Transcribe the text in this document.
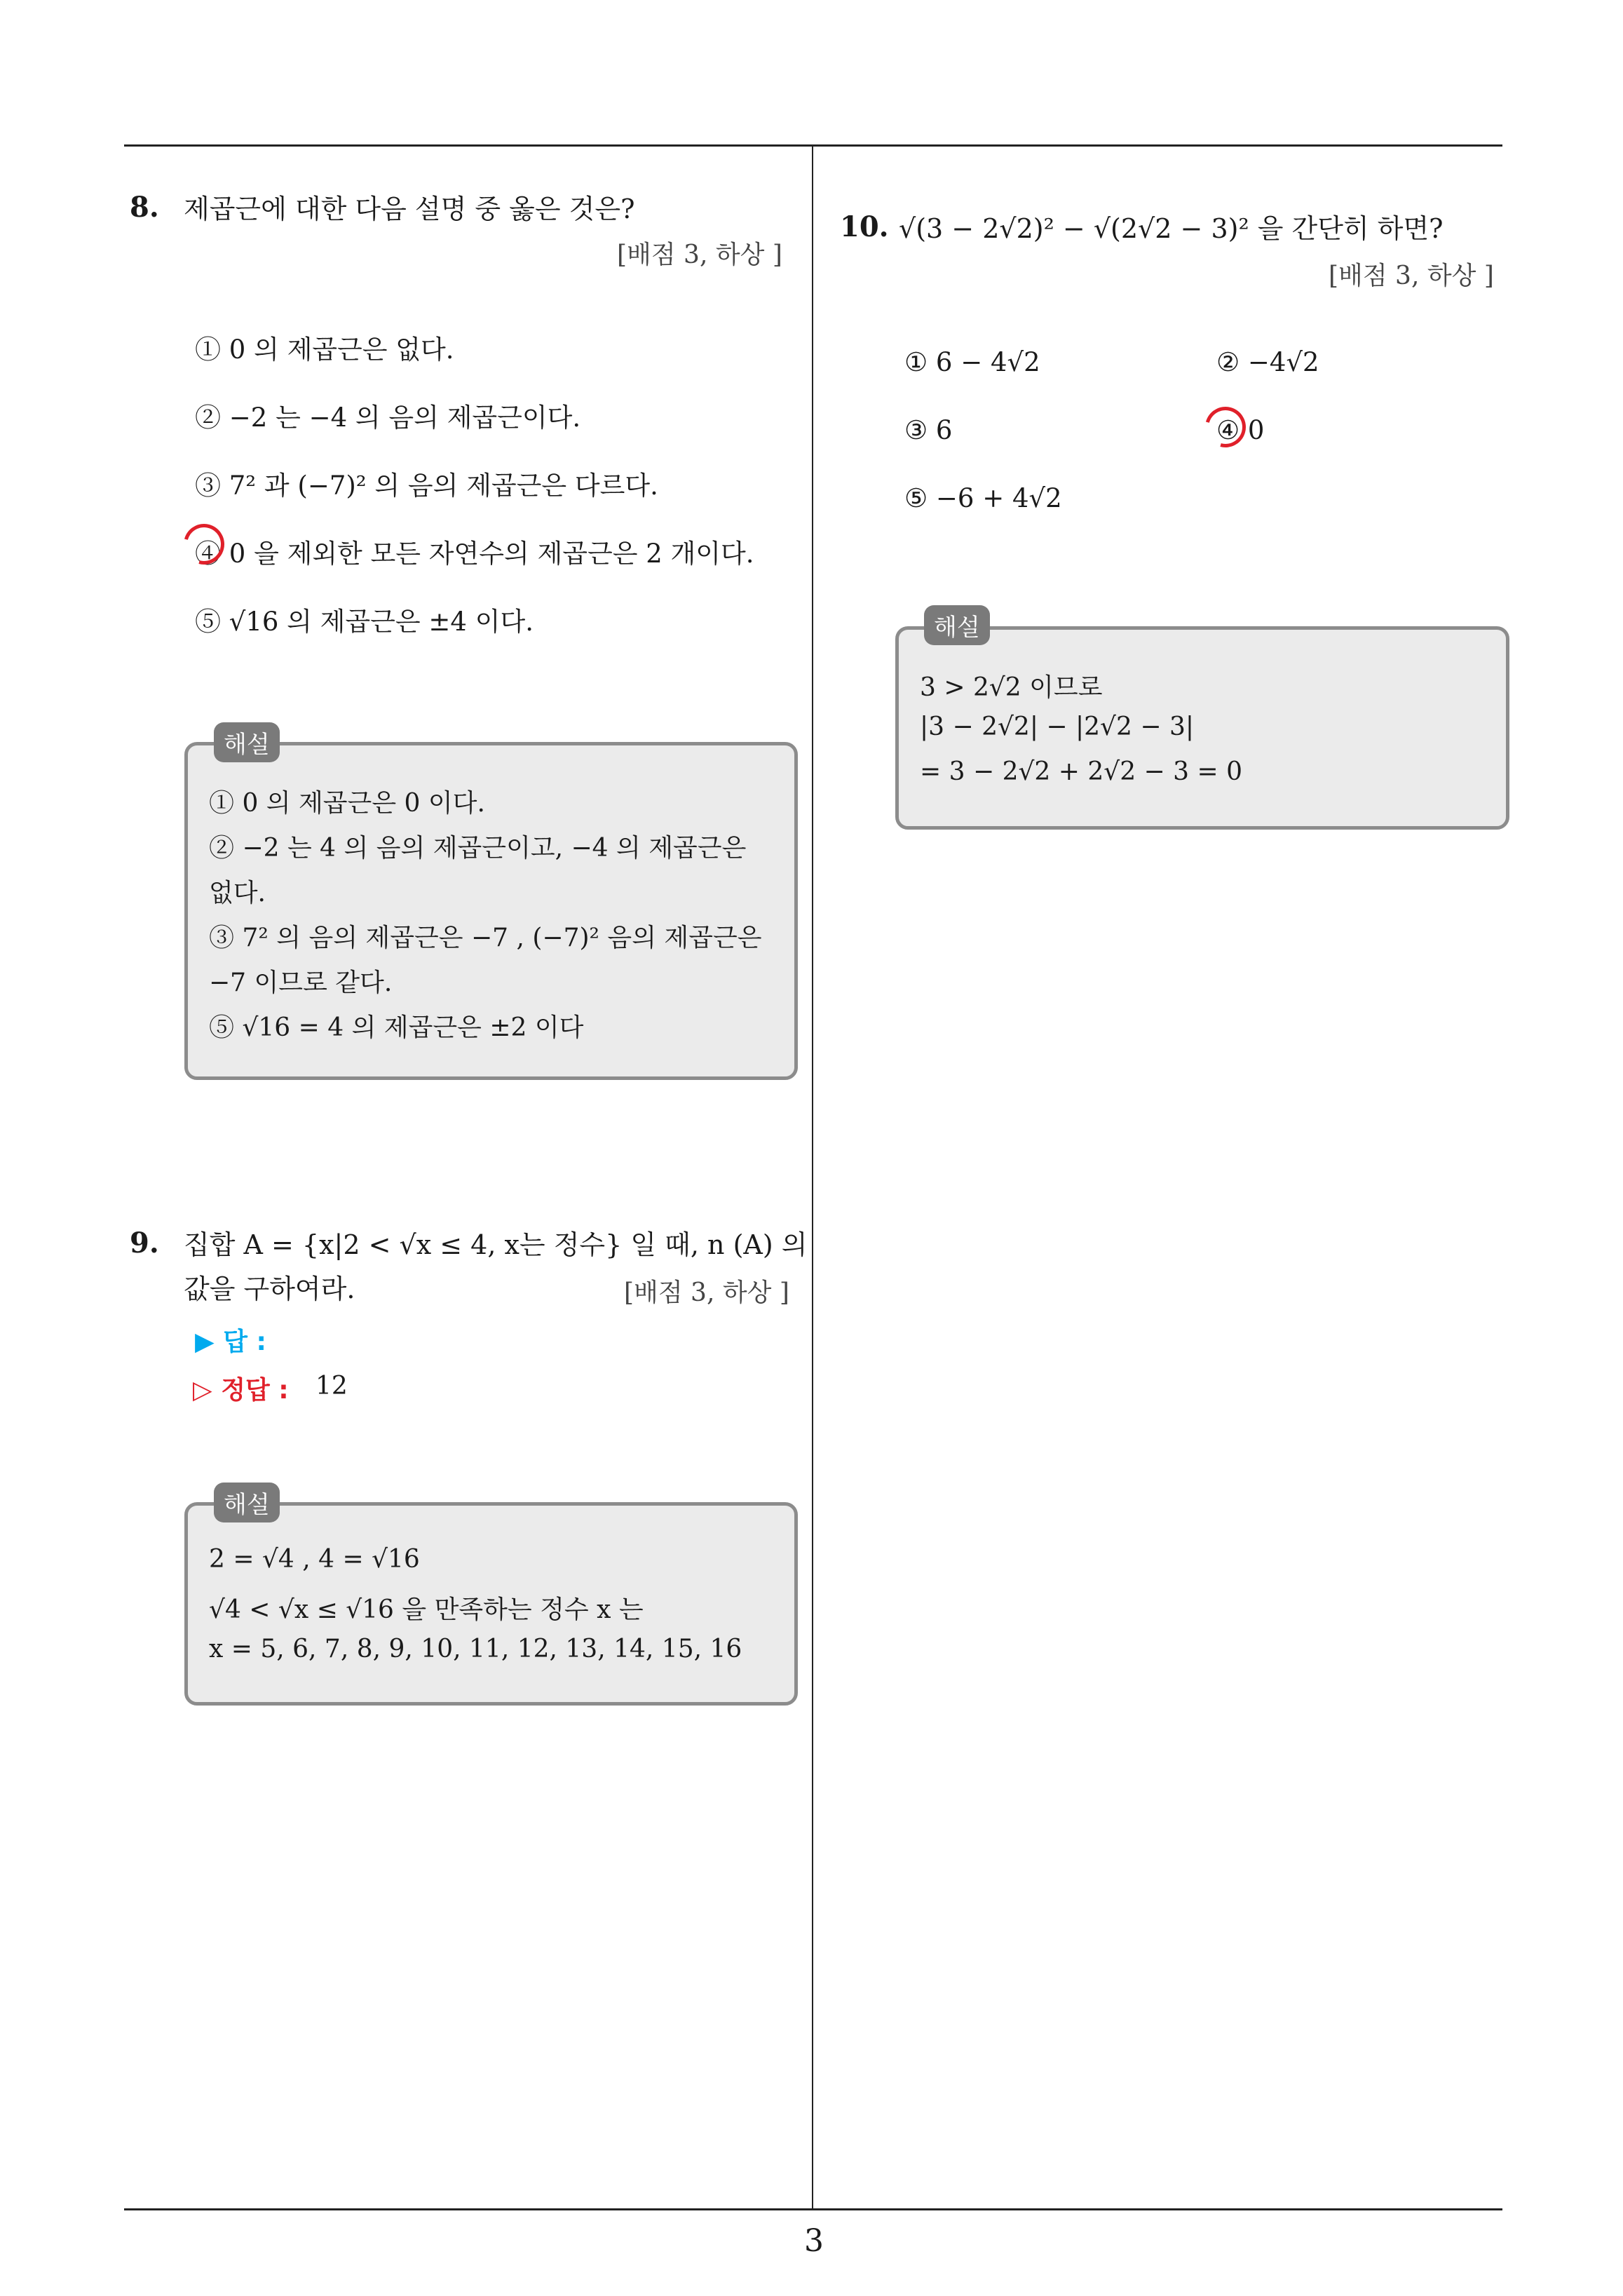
8. 제곱근에 대한 다음 설명 중 옳은 것은?
[배점 3, 하상 ]
① 0 의 제곱근은 없다.
② −2 는 −4 의 음의 제곱근이다.
③ 7² 과 (−7)² 의 음의 제곱근은 다르다.
④ 0 을 제외한 모든 자연수의 제곱근은 2 개이다.
⑤ √16 의 제곱근은 ±4 이다.
① 0 의 제곱근은 0 이다.
② −2 는 4 의 음의 제곱근이고, −4 의 제곱근은
없다.
③ 7² 의 음의 제곱근은 −7 , (−7)² 음의 제곱근은
−7 이므로 같다.
⑤ √16 = 4 의 제곱근은 ±2 이다
해설
9. 집합 A = {x|2 < √x ≤ 4, x는 정수} 일 때, n (A) 의
값을 구하여라.	[배점 3, 하상 ]
▶ 답 :
▷ 정답 : 12
2 = √4 , 4 = √16
√4 < √x ≤ √16 을 만족하는 정수 x 는
x = 5, 6, 7, 8, 9, 10, 11, 12, 13, 14, 15, 16
해설
10. √(3 − 2√2)² − √(2√2 − 3)² 을 간단히 하면?
[배점 3, 하상 ]
① 6 − 4√2	② −4√2
③ 6	④ 0
⑤ −6 + 4√2
3 > 2√2 이므로
|3 − 2√2| − |2√2 − 3|
= 3 − 2√2 + 2√2 − 3 = 0
해설
3
